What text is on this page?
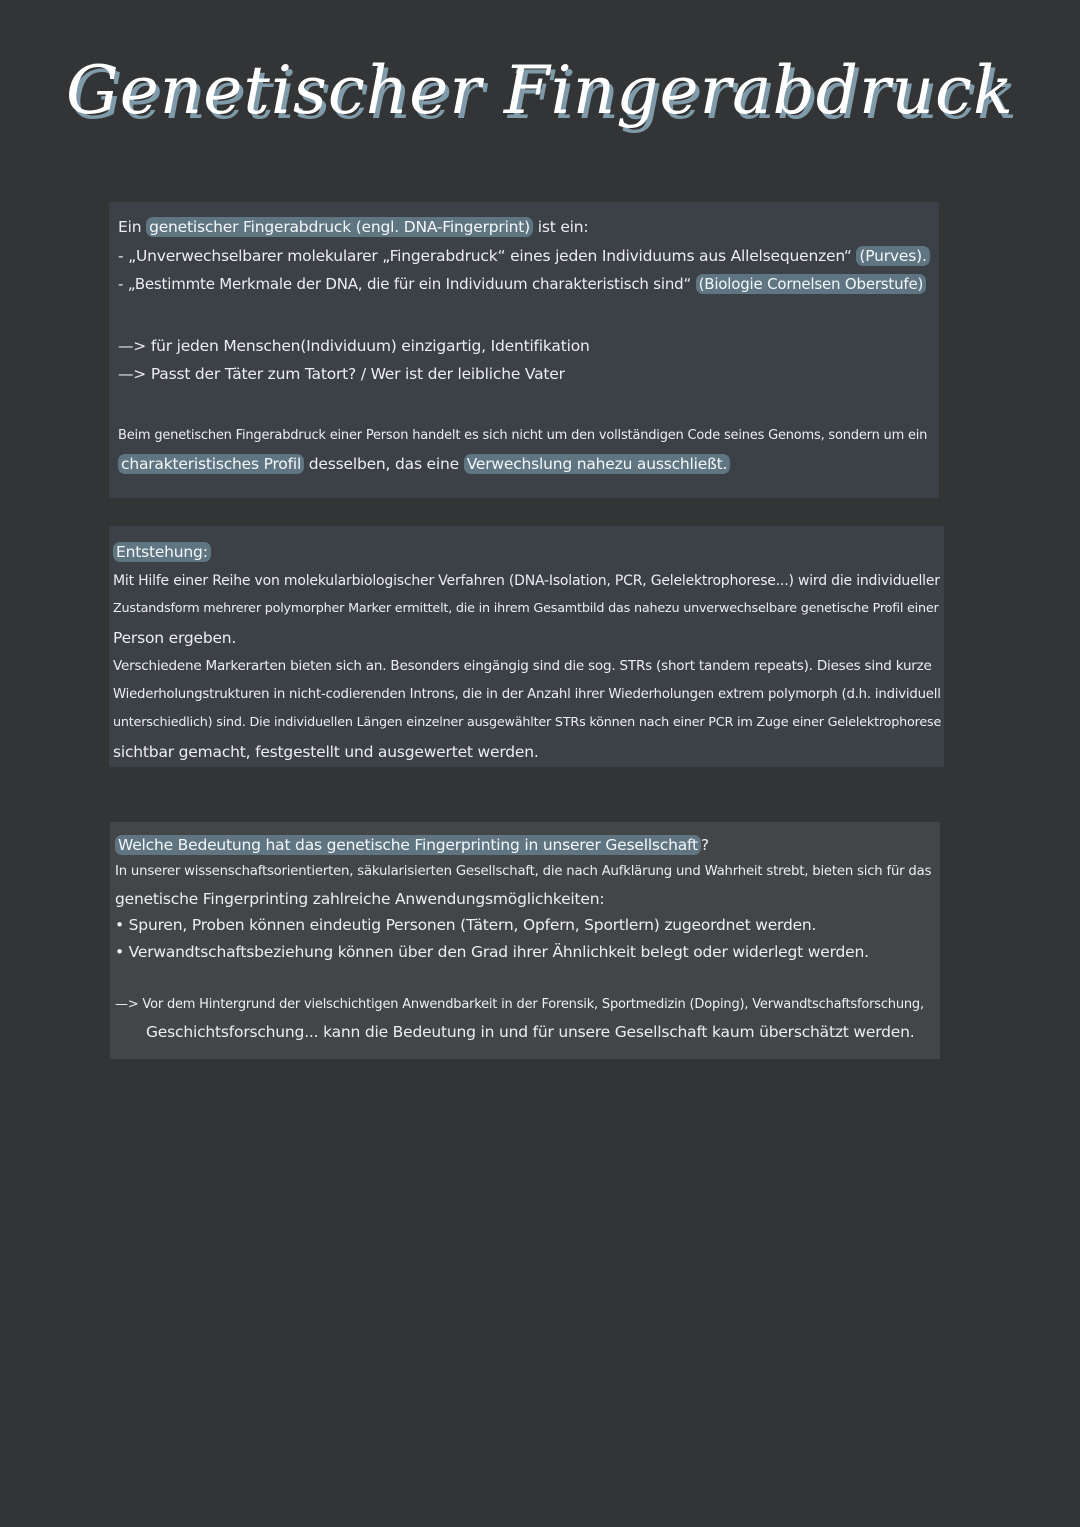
Genetischer Fingerabdruck
Ein genetischer Fingerabdruck (engl. DNA-Fingerprint) ist ein:
- „Unverwechselbarer molekularer „Fingerabdruck“ eines jeden Individuums aus Allelsequenzen“ (Purves).
- „Bestimmte Merkmale der DNA, die für ein Individuum charakteristisch sind“ (Biologie Cornelsen Oberstufe)
—> für jeden Menschen(Individuum) einzigartig, Identifikation
—> Passt der Täter zum Tatort? / Wer ist der leibliche Vater
Beim genetischen Fingerabdruck einer Person handelt es sich nicht um den vollständigen Code seines Genoms, sondern um ein
charakteristisches Profil desselben, das eine Verwechslung nahezu ausschließt.
Entstehung:
Mit Hilfe einer Reihe von molekularbiologischer Verfahren (DNA-Isolation, PCR, Gelelektrophorese...) wird die individueller
Zustandsform mehrerer polymorpher Marker ermittelt, die in ihrem Gesamtbild das nahezu unverwechselbare genetische Profil einer
Person ergeben.
Verschiedene Markerarten bieten sich an. Besonders eingängig sind die sog. STRs (short tandem repeats). Dieses sind kurze
Wiederholungstrukturen in nicht-codierenden Introns, die in der Anzahl ihrer Wiederholungen extrem polymorph (d.h. individuell
unterschiedlich) sind. Die individuellen Längen einzelner ausgewählter STRs können nach einer PCR im Zuge einer Gelelektrophorese
sichtbar gemacht, festgestellt und ausgewertet werden.
Welche Bedeutung hat das genetische Fingerprinting in unserer Gesellschaft ?
In unserer wissenschaftsorientierten, säkularisierten Gesellschaft, die nach Aufklärung und Wahrheit strebt, bieten sich für das
genetische Fingerprinting zahlreiche Anwendungsmöglichkeiten:
• Spuren, Proben können eindeutig Personen (Tätern, Opfern, Sportlern) zugeordnet werden.
• Verwandtschaftsbeziehung können über den Grad ihrer Ähnlichkeit belegt oder widerlegt werden.
—> Vor dem Hintergrund der vielschichtigen Anwendbarkeit in der Forensik, Sportmedizin (Doping), Verwandtschaftsforschung,
Geschichtsforschung... kann die Bedeutung in und für unsere Gesellschaft kaum überschätzt werden.
